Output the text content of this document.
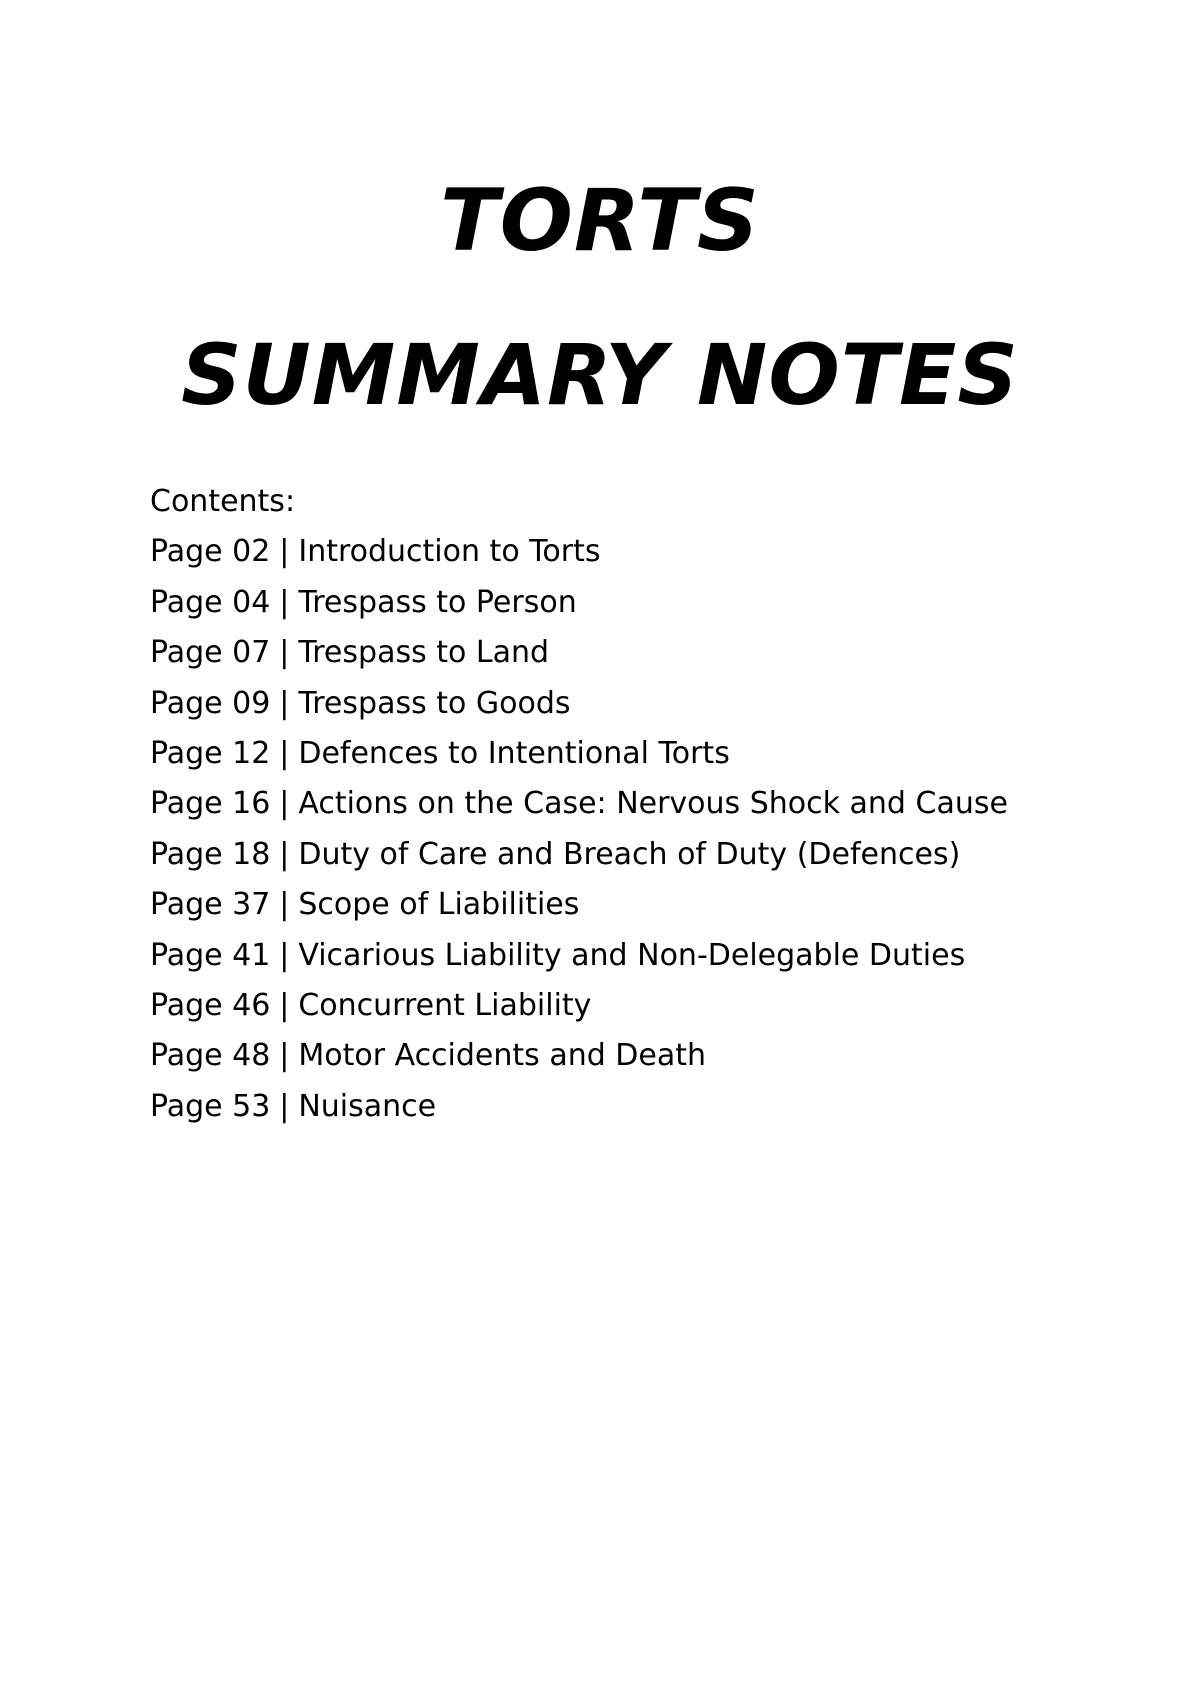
TORTS
SUMMARY NOTES
Contents:
Page 02 | Introduction to Torts
Page 04 | Trespass to Person
Page 07 | Trespass to Land
Page 09 | Trespass to Goods
Page 12 | Defences to Intentional Torts
Page 16 | Actions on the Case: Nervous Shock and Cause
Page 18 | Duty of Care and Breach of Duty (Defences)
Page 37 | Scope of Liabilities
Page 41 | Vicarious Liability and Non-Delegable Duties
Page 46 | Concurrent Liability
Page 48 | Motor Accidents and Death
Page 53 | Nuisance
